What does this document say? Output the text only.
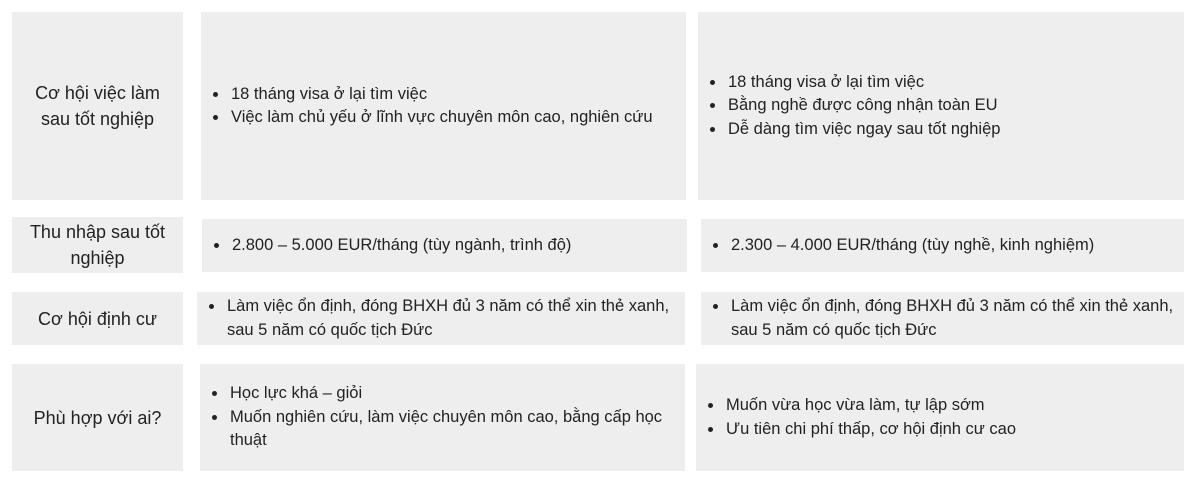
Cơ hội việc làm sau tốt nghiệp
• 18 tháng visa ở lại tìm việc
• Việc làm chủ yếu ở lĩnh vực chuyên môn cao, nghiên cứu
• 18 tháng visa ở lại tìm việc
• Bằng nghề được công nhận toàn EU
• Dễ dàng tìm việc ngay sau tốt nghiệp
Thu nhập sau tốt nghiệp
• 2.800 – 5.000 EUR/tháng (tùy ngành, trình độ)
•	2.300 – 4.000 EUR/tháng (tùy nghề, kinh nghiệm)
Cơ hội định cư
• Làm việc ổn định, đóng BHXH đủ 3 năm có thể xin thẻ xanh, sau 5 năm có quốc tịch Đức
• Làm việc ổn định, đóng BHXH đủ 3 năm có thể xin thẻ xanh, sau 5 năm có quốc tịch Đức
Phù hợp với ai?
• Học lực khá – giỏi
• Muốn nghiên cứu, làm việc chuyên môn cao, bằng cấp học thuật
• Muốn vừa học vừa làm, tự lập sớm
• Ưu tiên chi phí thấp, cơ hội định cư cao
